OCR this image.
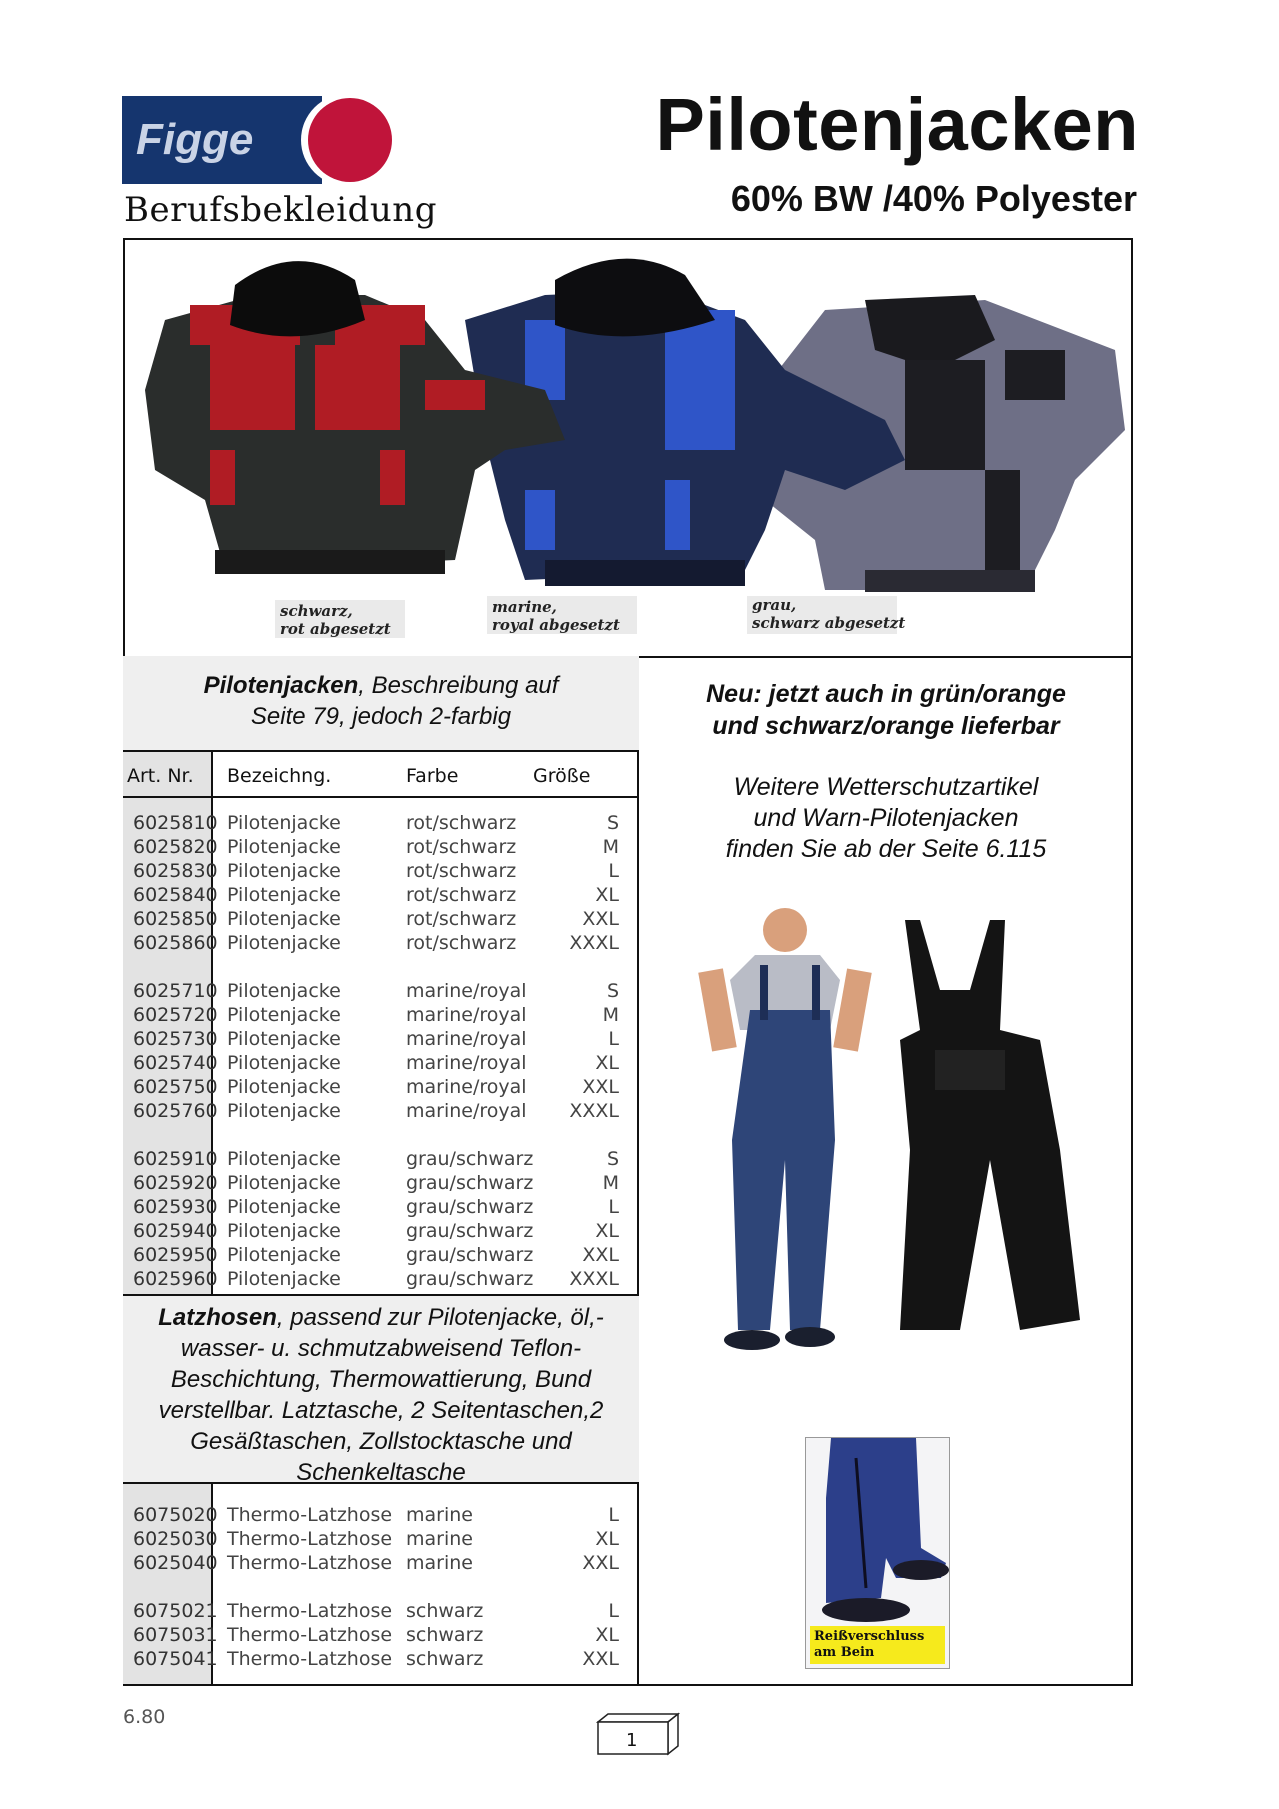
Figge
Berufsbekleidung
Pilotenjacken
60% BW /40% Polyester
schwarz,
rot abgesetzt
marine,
royal abgesetzt
grau,
schwarz abgesetzt
Pilotenjacken, Beschreibung auf
Seite 79, jedoch 2-farbig
Art. Nr. Bezeichng.	Farbe	Größe
6025810 Pilotenjacke	rot/schwarz	S
6025820 Pilotenjacke	rot/schwarz	M
6025830 Pilotenjacke	rot/schwarz	L
6025840 Pilotenjacke	rot/schwarz	XL
6025850 Pilotenjacke	rot/schwarz	XXL
6025860 Pilotenjacke	rot/schwarz	XXXL
6025710 Pilotenjacke	marine/royal	S
6025720 Pilotenjacke	marine/royal	M
6025730 Pilotenjacke	marine/royal	L
6025740 Pilotenjacke	marine/royal	XL
6025750 Pilotenjacke	marine/royal	XXL
6025760 Pilotenjacke	marine/royal	XXXL
6025910 Pilotenjacke	grau/schwarz	S
6025920 Pilotenjacke	grau/schwarz	M
6025930 Pilotenjacke	grau/schwarz	L
6025940 Pilotenjacke	grau/schwarz	XL
6025950 Pilotenjacke	grau/schwarz	XXL
6025960 Pilotenjacke	grau/schwarz	XXXL
Latzhosen, passend zur Pilotenjacke, öl,-
wasser- u. schmutzabweisend Teflon-
Beschichtung, Thermowattierung, Bund
verstellbar. Latztasche, 2 Seitentaschen,2
Gesäßtaschen, Zollstocktasche und
Schenkeltasche
6075020 Thermo-Latzhose marine	L
6025030 Thermo-Latzhose marine	XL
6025040 Thermo-Latzhose marine	XXL
6075021 Thermo-Latzhose schwarz	L
6075031 Thermo-Latzhose schwarz	XL
6075041 Thermo-Latzhose schwarz	XXL
Neu: jetzt auch in grün/orange
und schwarz/orange lieferbar
Weitere Wetterschutzartikel
und Warn-Pilotenjacken
finden Sie ab der Seite 6.115
Reißverschluss
am Bein
6.80
1
